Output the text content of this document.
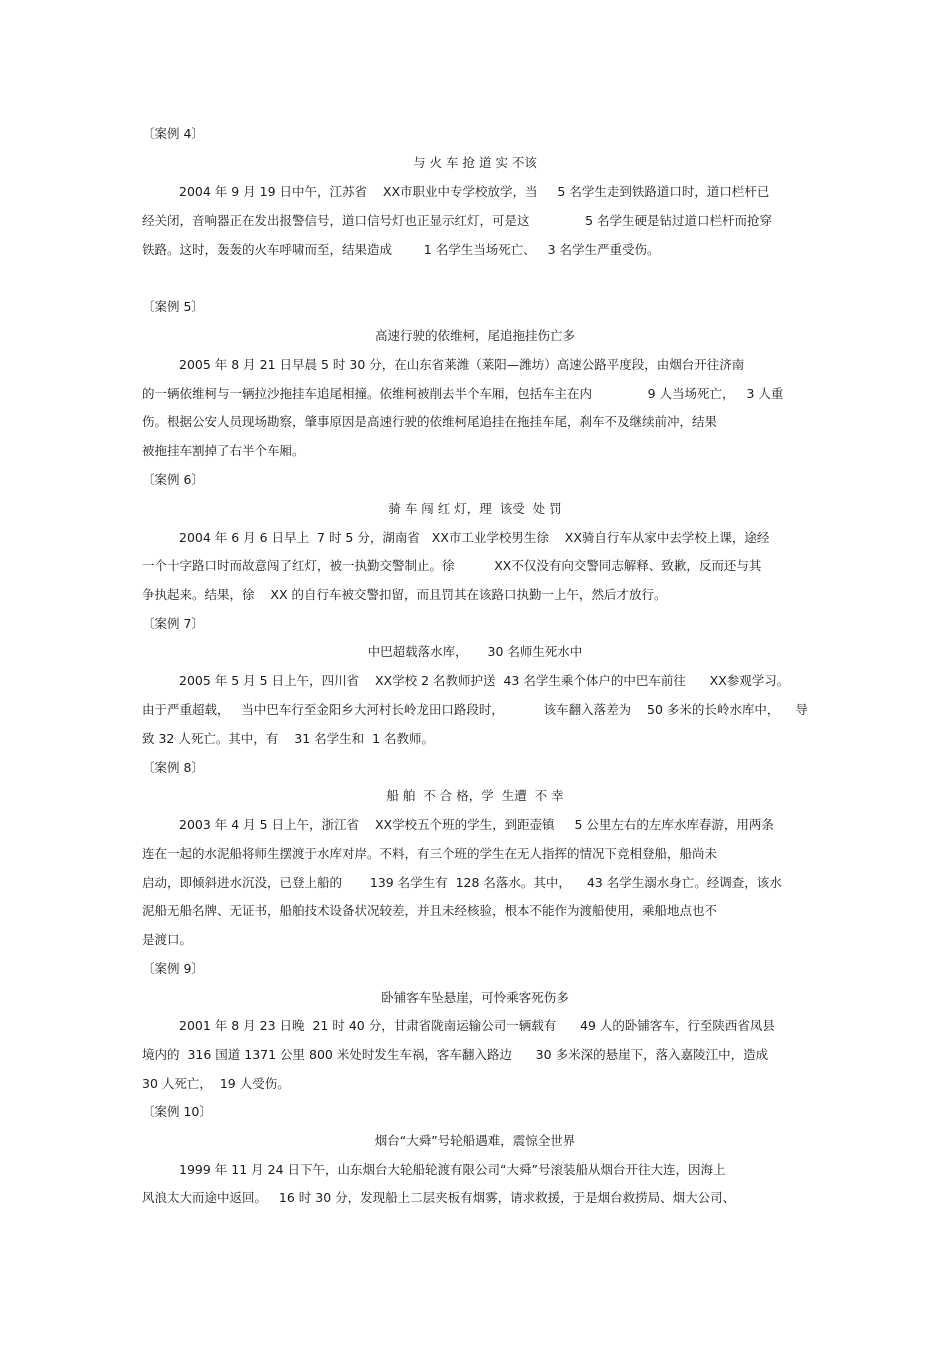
〔案例 4〕
与 火 车 抢 道 实 不该
2004 年 9 月 19 日中午，江苏省    XX市职业中专学校放学，当     5 名学生走到铁路道口时，道口栏杆已
经关闭，音响器正在发出报警信号，道口信号灯也正显示红灯，可是这              5 名学生硬是钻过道口栏杆而抢穿
铁路。这时，轰轰的火车呼啸而至，结果造成        1 名学生当场死亡、   3 名学生严重受伤。
〔案例 5〕
高速行驶的依维柯，尾追拖挂伤亡多
2005 年 8 月 21 日早晨 5 时 30 分，在山东省莱潍（莱阳—潍坊）高速公路平度段，由烟台开往济南
的一辆依维柯与一辆拉沙拖挂车追尾相撞。依维柯被削去半个车厢，包括车主在内              9 人当场死亡，   3 人重
伤。根据公安人员现场勘察，肇事原因是高速行驶的依维柯尾追挂在拖挂车尾，刹车不及继续前冲，结果
被拖挂车割掉了右半个车厢。
〔案例 6〕
骑 车 闯 红 灯，理  该受  处 罚
2004 年 6 月 6 日早上  7 时 5 分，湖南省   XX市工业学校男生徐    XX骑自行车从家中去学校上课，途经
一个十字路口时而故意闯了红灯，被一执勤交警制止。徐          XX不仅没有向交警同志解释、致歉，反而还与其
争执起来。结果，徐    XX 的自行车被交警扣留，而且罚其在该路口执勤一上午，然后才放行。
〔案例 7〕
中巴超载落水库，     30 名师生死水中
2005 年 5 月 5 日上午，四川省    XX学校 2 名教师护送  43 名学生乘个体户的中巴车前往      XX参观学习。
由于严重超载，   当中巴车行至金阳乡大河村长岭龙田口路段时，          该车翻入落差为    50 多米的长岭水库中，    导
致 32 人死亡。其中，有    31 名学生和  1 名教师。
〔案例 8〕
船 舶  不 合 格，学  生遭  不 幸
2003 年 4 月 5 日上午，浙江省    XX学校五个班的学生，到距壶镇     5 公里左右的左库水库春游，用两条
连在一起的水泥船将师生摆渡于水库对岸。不料，有三个班的学生在无人指挥的情况下竞相登船，船尚未
启动，即倾斜进水沉没，已登上船的       139 名学生有  128 名落水。其中，    43 名学生溺水身亡。经调查，该水
泥船无船名牌、无证书，船舶技术设备状况较差，并且未经核验，根本不能作为渡船使用，乘船地点也不
是渡口。
〔案例 9〕
卧铺客车坠悬崖，可怜乘客死伤多
2001 年 8 月 23 日晚  21 时 40 分，甘肃省陇南运输公司一辆载有      49 人的卧铺客车，行至陕西省凤县
境内的  316 国道 1371 公里 800 米处时发生车祸，客车翻入路边      30 多米深的悬崖下，落入嘉陵江中，造成
30 人死亡，  19 人受伤。
〔案例 10〕
烟台“大舜”号轮船遇难，震惊全世界
1999 年 11 月 24 日下午，山东烟台大轮船轮渡有限公司“大舜”号滚装船从烟台开往大连，因海上
风浪太大而途中返回。   16 时 30 分，发现船上二层夹板有烟雾，请求救援，于是烟台救捞局、烟大公司、
